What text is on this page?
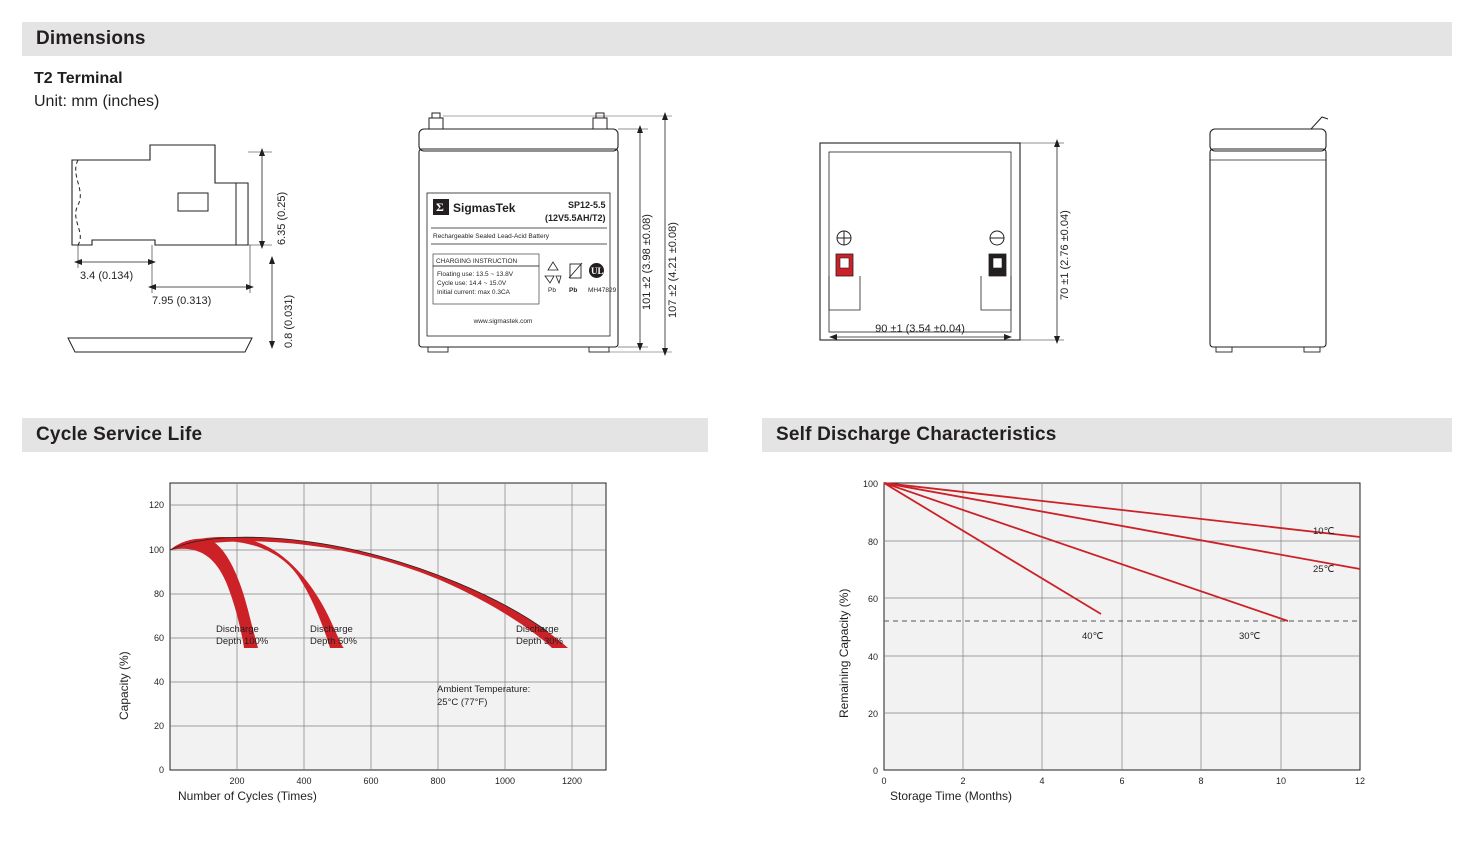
Dimensions
Cycle Service Life	Self Discharge Characteristics
T2 Terminal
Unit: mm (inches)
6.35 (0.25)
0.8 (0.031)
3.4 (0.134)
7.95 (0.313)
Σ SigmasTek	SP12-5.5
(12V5.5AH/T2)
Rechargeable Sealed Lead-Acid Battery
CHARGING INSTRUCTION
Floating use: 13.5 ~ 13.8V
Cycle use: 14.4 ~ 15.0V
Initial current: max 0.3CA	Pb Pb
UL
MH47829
www.sigmastek.com
101 ±2 (3.98 ±0.08) 107 ±2 (4.21 ±0.08)	70 ±1 (2.76 ±0.04)
90 ±1 (3.54 ±0.04)
120
100
80
60
40
20
0
200	400	600	800	1000	1200
Capacity (%)
Number of Cycles (Times)
Discharge
Depth 100%
Discharge
Depth 50%
Discharge
Depth 30%
Ambient Temperature:
25°C (77°F)
100
80
60
40
20
0
0	2	4	6	8	10	12
Remaining Capacity (%)
Storage Time (Months)
10℃
25℃
30℃
40℃
